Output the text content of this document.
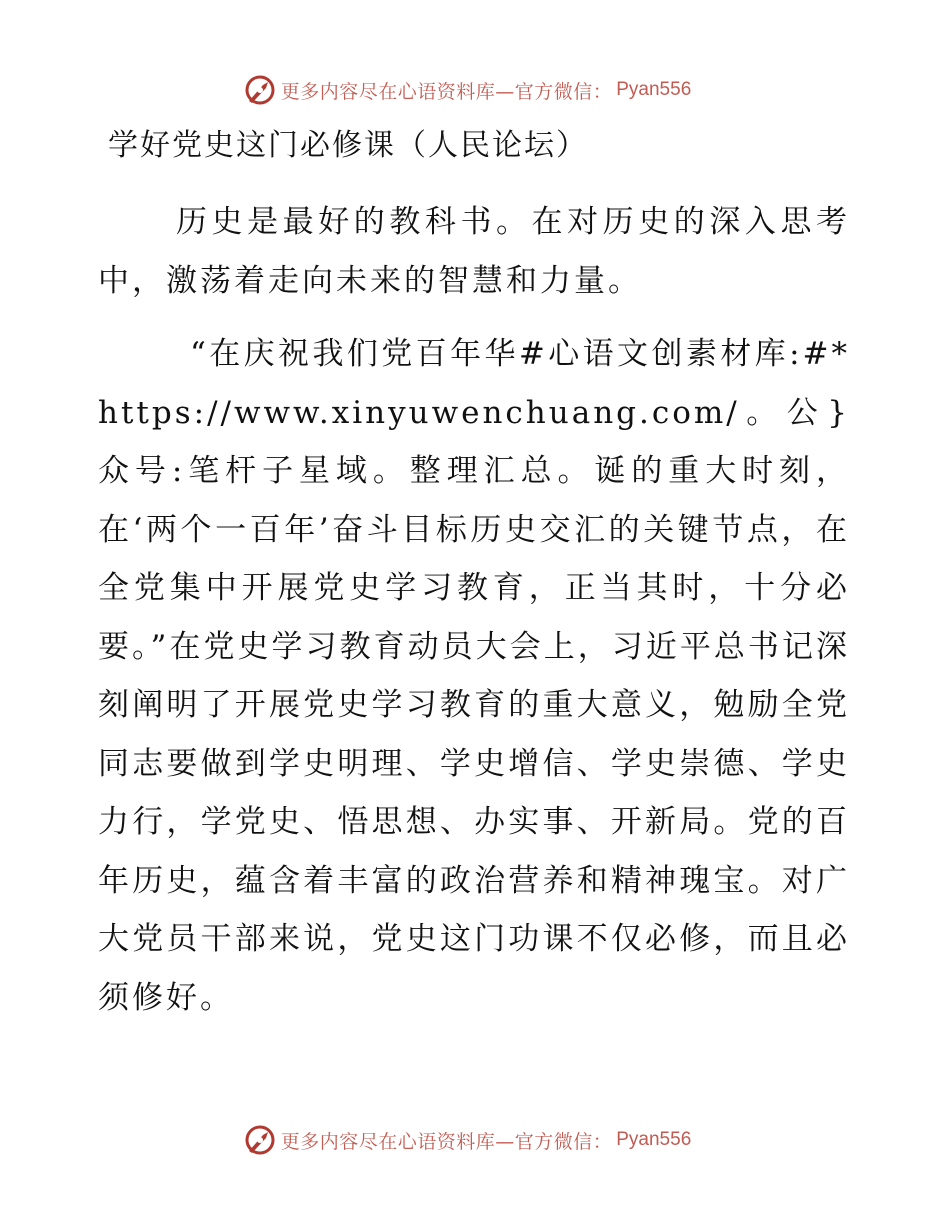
更多内容尽在心语资料库—官方微信： Pyan556
学好党史这门必修课（人民论坛）

历史是最好的教科书。在对历史的深入思考中，激荡着走向未来的智慧和力量。

“在庆祝我们党百年华#心语文创素材库:#*https://www.xinyuwenchuang.com/。公}众号:笔杆子星域。整理汇总。诞的重大时刻，在‘两个一百年’奋斗目标历史交汇的关键节点，在全党集中开展党史学习教育，正当其时，十分必要。”在党史学习教育动员大会上，习近平总书记深刻阐明了开展党史学习教育的重大意义，勉励全党同志要做到学史明理、学史增信、学史崇德、学史力行，学党史、悟思想、办实事、开新局。党的百年历史，蕴含着丰富的政治营养和精神瑰宝。对广大党员干部来说，党史这门功课不仅必修，而且必须修好。

更多内容尽在心语资料库—官方微信： Pyan556
